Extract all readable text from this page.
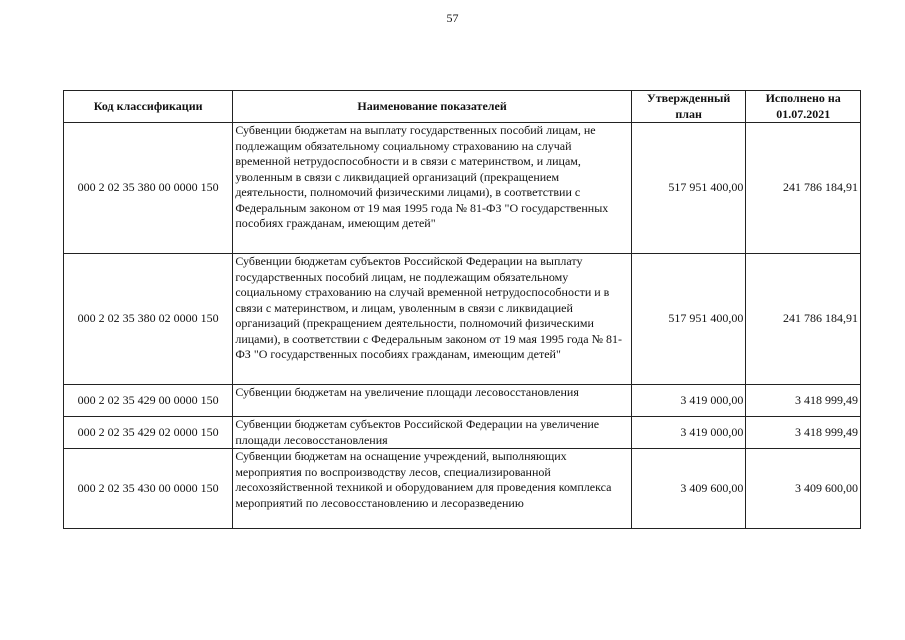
57
Код классификации	Наименование показателей	Утвержденный план	Исполнено на 01.07.2021
000 2 02 35 380 00 0000 150	Субвенции бюджетам на выплату государственных пособий лицам, не подлежащим обязательному социальному страхованию на случай временной нетрудоспособности и в связи с материнством, и лицам, уволенным в связи с ликвидацией организаций (прекращением деятельности, полномочий физическими лицами), в соответствии с Федеральным законом от 19 мая 1995 года № 81-ФЗ "О государственных пособиях гражданам, имеющим детей"	517 951 400,00	241 786 184,91
000 2 02 35 380 02 0000 150	Субвенции бюджетам субъектов Российской Федерации на выплату государственных пособий лицам, не подлежащим обязательному социальному страхованию на случай временной нетрудоспособности и в связи с материнством, и лицам, уволенным в связи с ликвидацией организаций (прекращением деятельности, полномочий физическими лицами), в соответствии с Федеральным законом от 19 мая 1995 года № 81-ФЗ "О государственных пособиях гражданам, имеющим детей"	517 951 400,00	241 786 184,91
000 2 02 35 429 00 0000 150	Субвенции бюджетам на увеличение площади лесовосстановления	3 419 000,00	3 418 999,49
000 2 02 35 429 02 0000 150	Субвенции бюджетам субъектов Российской Федерации на увеличение площади лесовосстановления	3 419 000,00	3 418 999,49
000 2 02 35 430 00 0000 150	Субвенции бюджетам на оснащение учреждений, выполняющих мероприятия по воспроизводству лесов, специализированной лесохозяйственной техникой и оборудованием для проведения комплекса мероприятий по лесовосстановлению и лесоразведению	3 409 600,00	3 409 600,00
